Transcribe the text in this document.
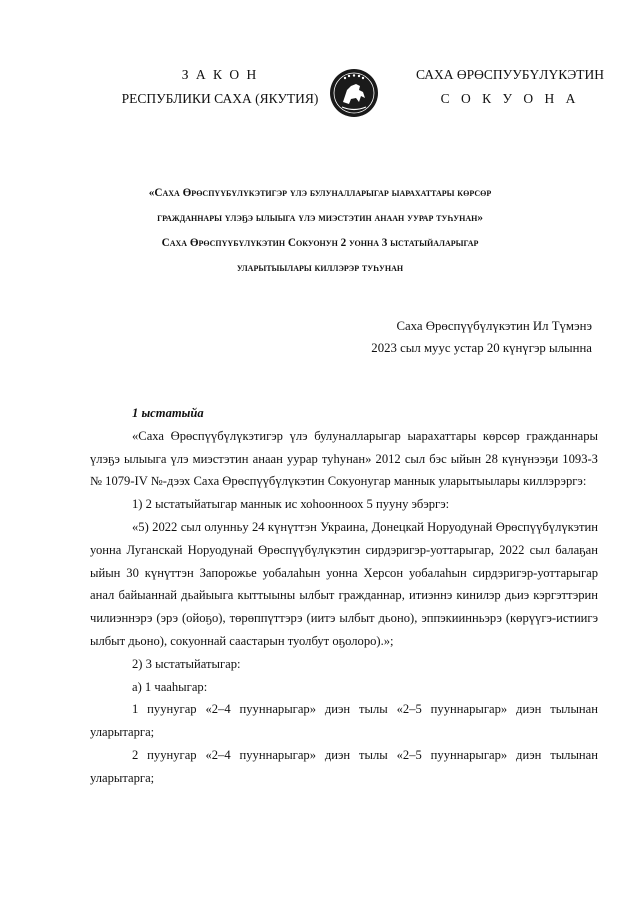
З А К О Н
РЕСПУБЛИКИ САХА (ЯКУТИЯ)
САХА ӨРӨСПУУБҮЛҮКЭТИН
С О К У О Н А
«Саха Өрөспүүбүлүкэтигэр үлэ булуналларыгар ыарахаттары көрсөр
гражданнары үлэҕэ ылыыга үлэ миэстэтин анаан уурар туһунан»
Саха Өрөспүүбүлүкэтин Сокуонун 2 уонна 3 ыстатыйаларыгар
уларытыылары киллэрэр туһунан
Саха Өрөспүүбүлүкэтин Ил Түмэнэ
2023 сыл муус устар 20 күнүгэр ылынна

1 ыстатыйа

«Саха Өрөспүүбүлүкэтигэр үлэ булуналларыгар ыарахаттары көрсөр гражданнары үлэҕэ ылыыга үлэ миэстэтин анаан уурар туһунан» 2012 сыл бэс ыйын 28 күнүнээҕи 1093-З № 1079-IV №-дээх Саха Өрөспүүбүлүкэтин Сокуонугар маннык уларытыылары киллэрэргэ:

1) 2 ыстатыйатыгар маннык ис хоһоонноох 5 пууну эбэргэ:

«5) 2022 сыл олунньу 24 күнүттэн Украина, Донецкай Норуодунай Өрөспүүбүлүкэтин уонна Луганскай Норуодунай Өрөспүүбүлүкэтин сирдэригэр-уоттарыгар, 2022 сыл балаҕан ыйын 30 күнүттэн Запорожье уобалаһын уонна Херсон уобалаһын сирдэригэр-уоттарыгар анал байыаннай дьайыыга кыттыыны ылбыт гражданнар, итиэннэ кинилэр дьиэ кэргэттэрин чилиэннэрэ (эрэ (ойоҕо), төрөппүттэрэ (иитэ ылбыт дьоно), эппэкиинньэрэ (көрүүгэ-истиигэ ылбыт дьоно), сокуоннай саастарын туолбут оҕолоро).»;

2) 3 ыстатыйатыгар:

а) 1 чааһыгар:

1 пуунугар «2–4 пууннарыгар» диэн тылы «2–5 пууннарыгар» диэн тылынан уларытарга;

2 пуунугар «2–4 пууннарыгар» диэн тылы «2–5 пууннарыгар» диэн тылынан уларытарга;
